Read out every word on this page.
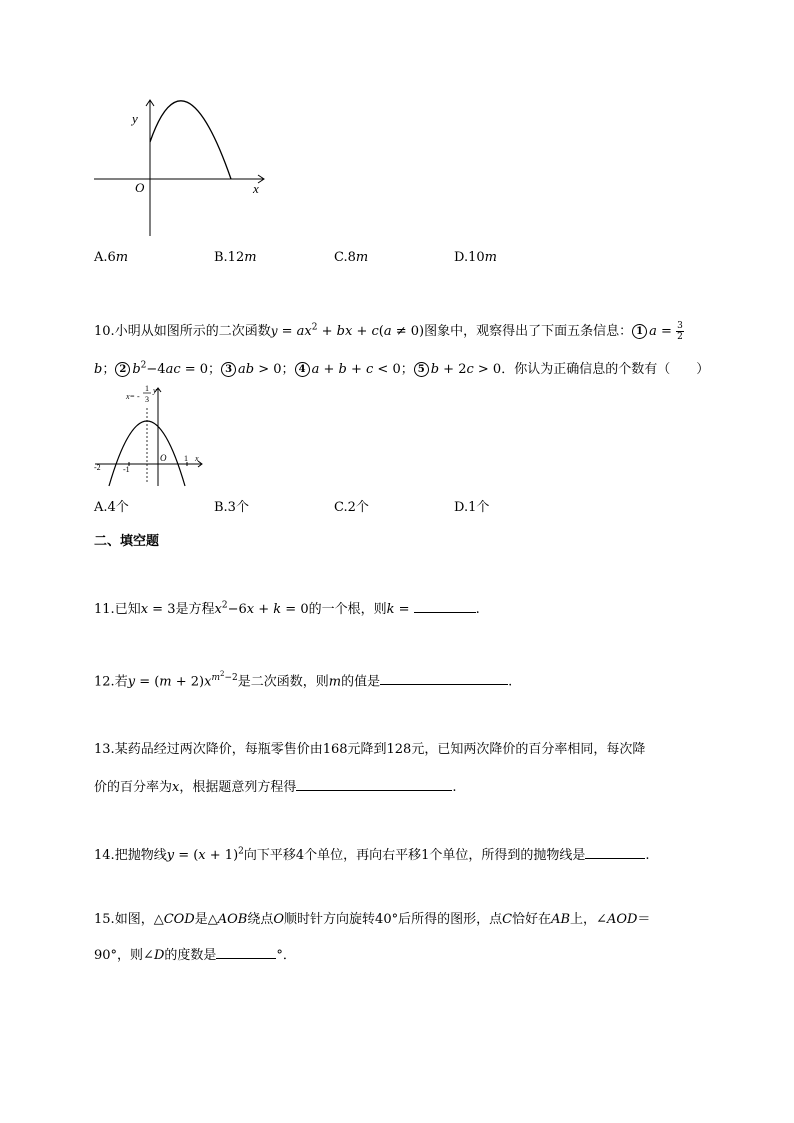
y
O	x
A.6m	B.12m	C.8m	D.10m
10.小明从如图所示的二次函数$y = ax^2$ + bx + c(a ≠ 0)图象中，观察得出了下面五条信息： 1 $a = \frac{3}{2}$
b； 2 $b^2-4ac = 0$； 3 ab > 0； 4 a + b + c < 0； 5 b + 2c > 0．你认为正确信息的个数有（　　）
x= -
1
3
y
O	x
-2	-1
1
A.4个	B.3个	C.2个	D.1个
二、填空题
11.已知x = 3是方程$x^2-6x + k = 0$的一个根，则k =	.
12.若$y = (m + 2)x^{m^2-2}$是二次函数，则m的值是	.
13.某药品经过两次降价，每瓶零售价由168元降到128元，已知两次降价的百分率相同，每次降
价的百分率为x，根据题意列方程得	.
14.把抛物线$y = (x + 1)^2$向下平移4个单位，再向右平移1个单位，所得到的抛物线是	.
15.如图，△COD是△AOB绕点O顺时针方向旋转40°后所得的图形，点C恰好在AB上，∠AOD＝
90°，则∠D的度数是	°．
